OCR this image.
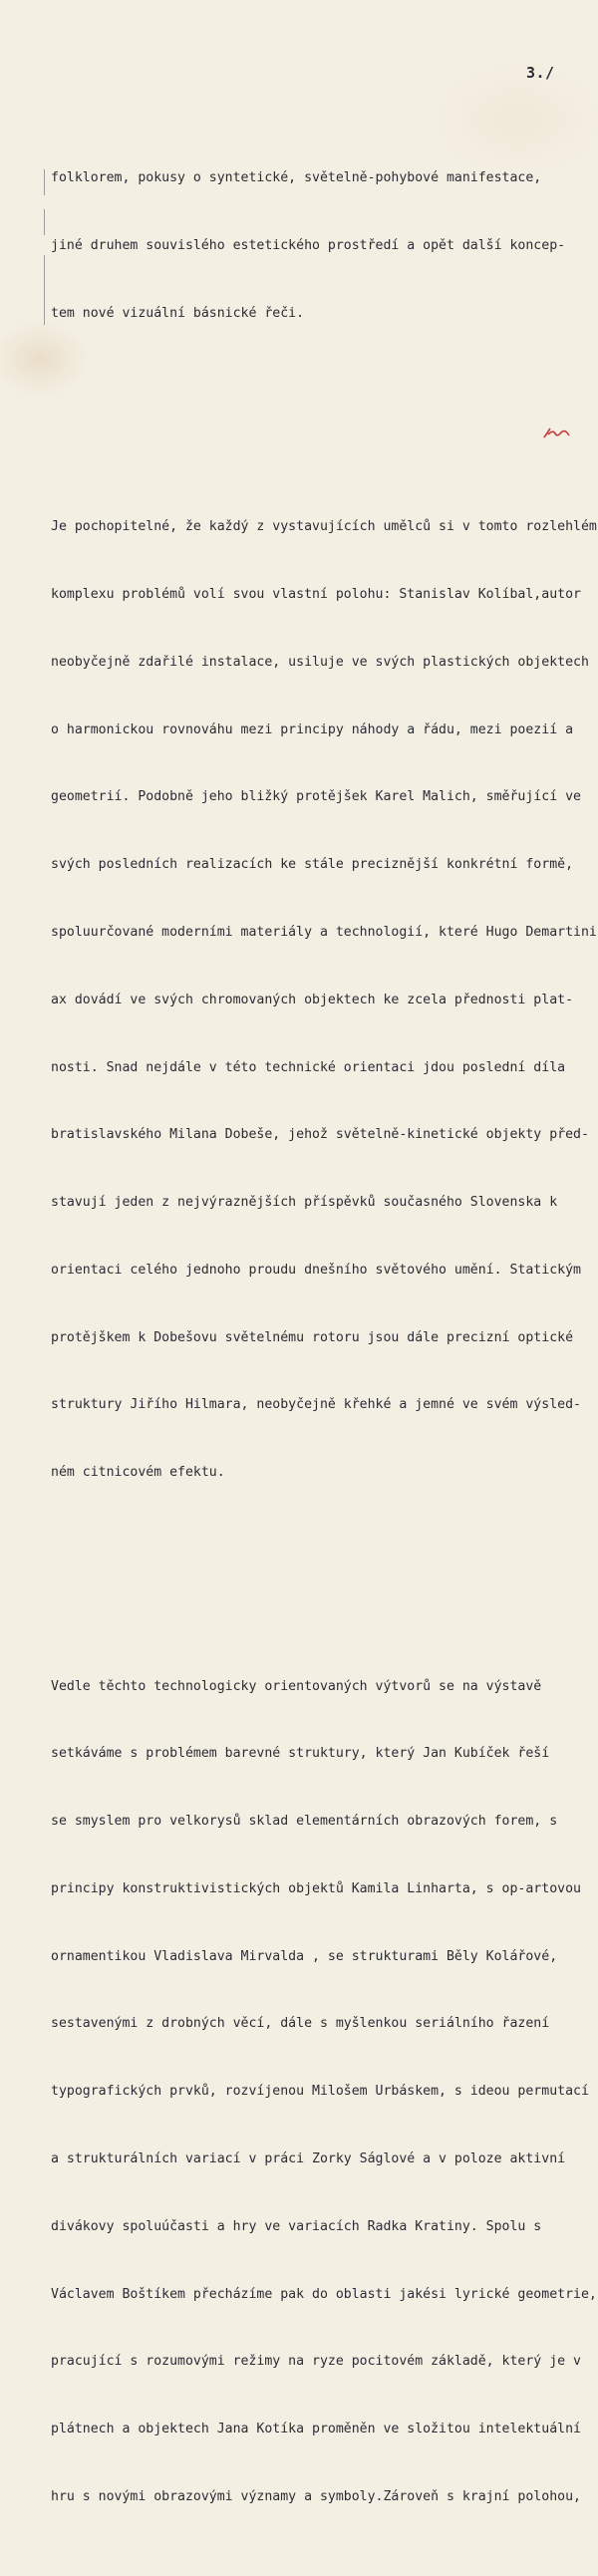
3./

folklorem, pokusy o syntetické, světelně-pohybové manifestace,

jiné druhem souvislého estetického prostředí a opět další koncep-

tem nové vizuální básnické řeči.

Je pochopitelné, že každý z vystavujících umělců si v tomto rozlehlém

komplexu problémů volí svou vlastní polohu: Stanislav Kolíbal,autor

neobyčejně zdařilé instalace, usiluje ve svých plastických objektech

o harmonickou rovnováhu mezi principy náhody a řádu, mezi poezií a

geometrií. Podobně jeho bližký protějšek Karel Malich, směřující ve

svých posledních realizacích ke stále preciznější konkrétní formě,

spoluurčované moderními materiály a technologií, které Hugo Demartini

ax dovádí ve svých chromovaných objektech ke zcela přednosti plat-

nosti. Snad nejdále v této technické orientaci jdou poslední díla

bratislavského Milana Dobeše, jehož světelně-kinetické objekty před-

stavují jeden z nejvýraznějších příspěvků současného Slovenska k

orientaci celého jednoho proudu dnešního světového umění. Statickým

protějškem k Dobešovu světelnému rotoru jsou dále precizní optické

struktury Jiřího Hilmara, neobyčejně křehké a jemné ve svém výsled-

ném citnicovém efektu.

Vedle těchto technologicky orientovaných výtvorů se na výstavě

setkáváme s problémem barevné struktury, který Jan Kubíček řeší

se smyslem pro velkorysů sklad elementárních obrazových forem, s

principy konstruktivistických objektů Kamila Linharta, s op-artovou

ornamentikou Vladislava Mirvalda , se strukturami Běly Kolářové,

sestavenými z drobných věcí, dále s myšlenkou seriálního řazení

typografických prvků, rozvíjenou Milošem Urbáskem, s ideou permutací

a strukturálních variací v práci Zorky Ságlové a v poloze aktivní

divákovy spoluúčasti a hry ve variacích Radka Kratiny. Spolu s

Václavem Boštíkem přecházíme pak do oblasti jakési lyrické geometrie,

pracující s rozumovými režimy na ryze pocitovém základě, který je v

plátnech a objektech Jana Kotíka proměněn ve složitou intelektuální

hru s novými obrazovými významy a symboly.Zároveň s krajní polohou,
